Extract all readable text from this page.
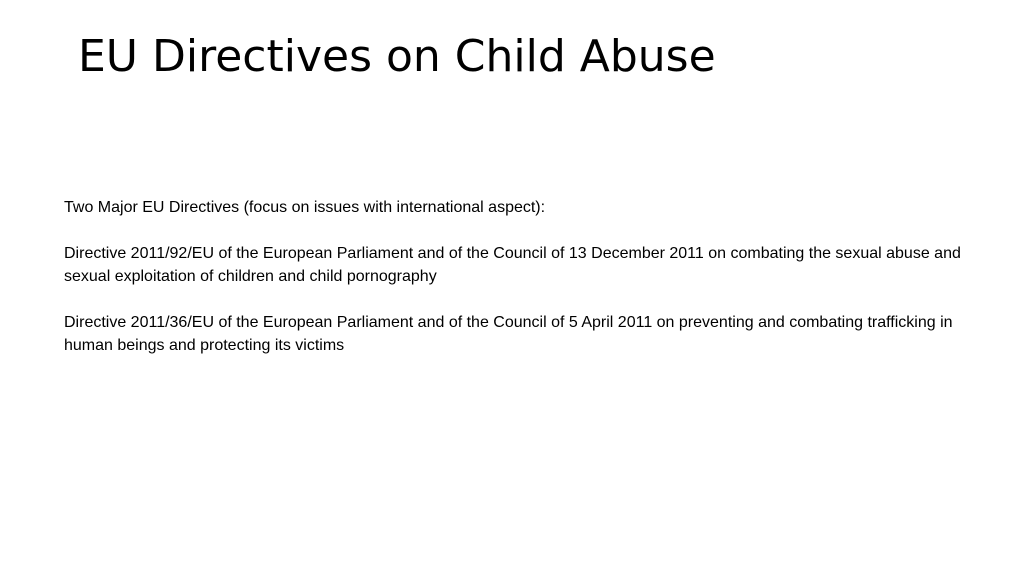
EU Directives on Child Abuse

Two Major EU Directives (focus on issues with international aspect):

Directive 2011/92/EU of the European Parliament and of the Council of 13 December 2011 on combating the sexual abuse and sexual exploitation of children and child pornography

Directive 2011/36/EU of the European Parliament and of the Council of 5 April 2011 on preventing and combating trafficking in human beings and protecting its victims
